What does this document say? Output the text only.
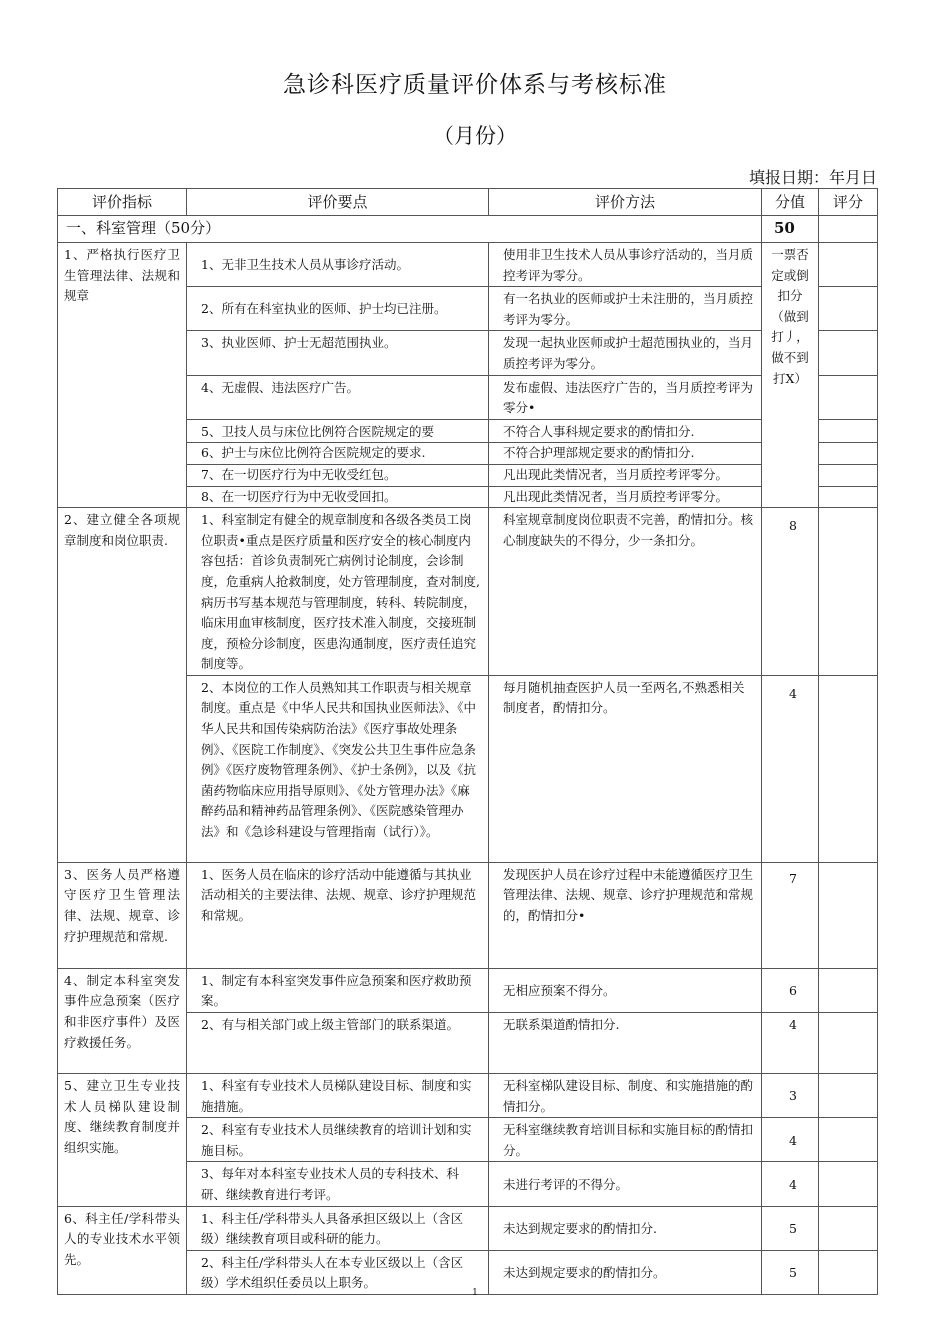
急诊科医疗质量评价体系与考核标准
（月份）
填报日期：年月日
评价指标	评价要点	评价方法	分值	评分
一、科室管理（50分）			50	
1、严格执行医疗卫生管理法律、法规和规章	1、无非卫生技术人员从事诊疗活动。	使用非卫生技术人员从事诊疗活动的，当月质控考评为零分。	一票否定或倒扣分（做到打丿，做不到打X）	
	2、所有在科室执业的医师、护士均已注册。	有一名执业的医师或护士未注册的，当月质控考评为零分。		
	3、执业医师、护士无超范围执业。	发现一起执业医师或护士超范围执业的，当月质控考评为零分。		
	4、无虚假、违法医疗广告。	发布虚假、违法医疗广告的，当月质控考评为零分•		
	5、卫技人员与床位比例符合医院规定的要	不符合人事科规定要求的酌情扣分.		
	6、护士与床位比例符合医院规定的要求.	不符合护理部规定要求的酌情扣分.		
	7、在一切医疗行为中无收受红包。	凡出现此类情况者，当月质控考评零分。		
	8、在一切医疗行为中无收受回扣。	凡出现此类情况者，当月质控考评零分。		
2、建立健全各项规章制度和岗位职责.	1、科室制定有健全的规章制度和各级各类员工岗位职责•重点是医疗质量和医疗安全的核心制度内容包括：首诊负责制死亡病例讨论制度，会诊制度，危重病人抢救制度，处方管理制度，查对制度,病历书写基本规范与管理制度，转科、转院制度，临床用血审核制度，医疗技术准入制度，交接班制度，预检分诊制度，医患沟通制度，医疗责任追究制度等。	科室规章制度岗位职责不完善，酌情扣分。核心制度缺失的不得分，少一条扣分。	8	
	2、本岗位的工作人员熟知其工作职责与相关规章制度。重点是《中华人民共和国执业医师法》、《中华人民共和国传染病防治法》《医疗事故处理条例》、《医院工作制度》、《突发公共卫生事件应急条例》《医疗废物管理条例》、《护士条例》，以及《抗菌药物临床应用指导原则》、《处方管理办法》《麻醉药品和精神药品管理条例》、《医院感染管理办法》和《急诊科建设与管理指南（试行）》。	每月随机抽查医护人员一至两名,不熟悉相关制度者，酌情扣分。	4	
3、医务人员严格遵守医疗卫生管理法律、法规、规章、诊疗护理规范和常规.	1、医务人员在临床的诊疗活动中能遵循与其执业活动相关的主要法律、法规、规章、诊疗护理规范和常规。	发现医护人员在诊疗过程中未能遵循医疗卫生管理法律、法规、规章、诊疗护理规范和常规的，酌情扣分•	7	
4、制定本科室突发事件应急预案（医疗和非医疗事件）及医疗救援任务。	1、制定有本科室突发事件应急预案和医疗救助预案。	无相应预案不得分。	6	
	2、有与相关部门或上级主管部门的联系渠道。	无联系渠道酌情扣分.	4	
5、建立卫生专业技术人员梯队建设制度、继续教育制度并组织实施。	1、科室有专业技术人员梯队建设目标、制度和实施措施。	无科室梯队建设目标、制度、和实施措施的酌情扣分。	3	
	2、科室有专业技术人员继续教育的培训计划和实施目标。	无科室继续教育培训目标和实施目标的酌情扣分。	4	
	3、每年对本科室专业技术人员的专科技术、科研、继续教育进行考评。	未进行考评的不得分。	4	
6、科主任/学科带头人的专业技术水平领先。	1、科主任/学科带头人具备承担区级以上（含区级）继续教育项目或科研的能力。	未达到规定要求的酌情扣分.	5	
	2、科主任/学科带头人在本专业区级以上（含区级）学术组织任委员以上职务。	未达到规定要求的酌情扣分。	5	
1
